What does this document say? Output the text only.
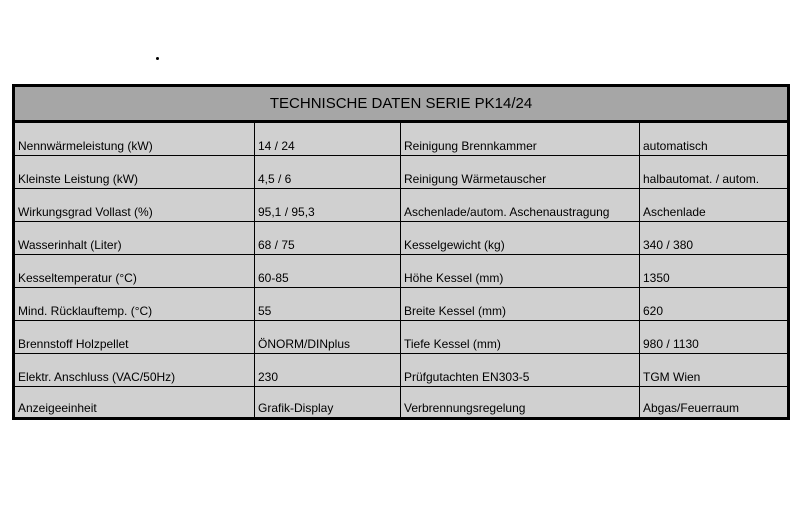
TECHNISCHE DATEN SERIE PK14/24			
Nennwärmeleistung (kW)	14 / 24	Reinigung Brennkammer	automatisch
Kleinste Leistung (kW)	4,5 / 6	Reinigung Wärmetauscher	halbautomat. / autom.
Wirkungsgrad Vollast (%)	95,1 / 95,3	Aschenlade/autom. Aschenaustragung	Aschenlade
Wasserinhalt (Liter)	68 / 75	Kesselgewicht (kg)	340 / 380
Kesseltemperatur (°C)	60-85	Höhe Kessel (mm)	1350
Mind. Rücklauftemp. (°C)	55	Breite Kessel (mm)	620
Brennstoff Holzpellet	ÖNORM/DINplus	Tiefe Kessel (mm)	980 / 1130
Elektr. Anschluss (VAC/50Hz)	230	Prüfgutachten EN303-5	TGM Wien
Anzeigeeinheit	Grafik-Display	Verbrennungsregelung	Abgas/Feuerraum
